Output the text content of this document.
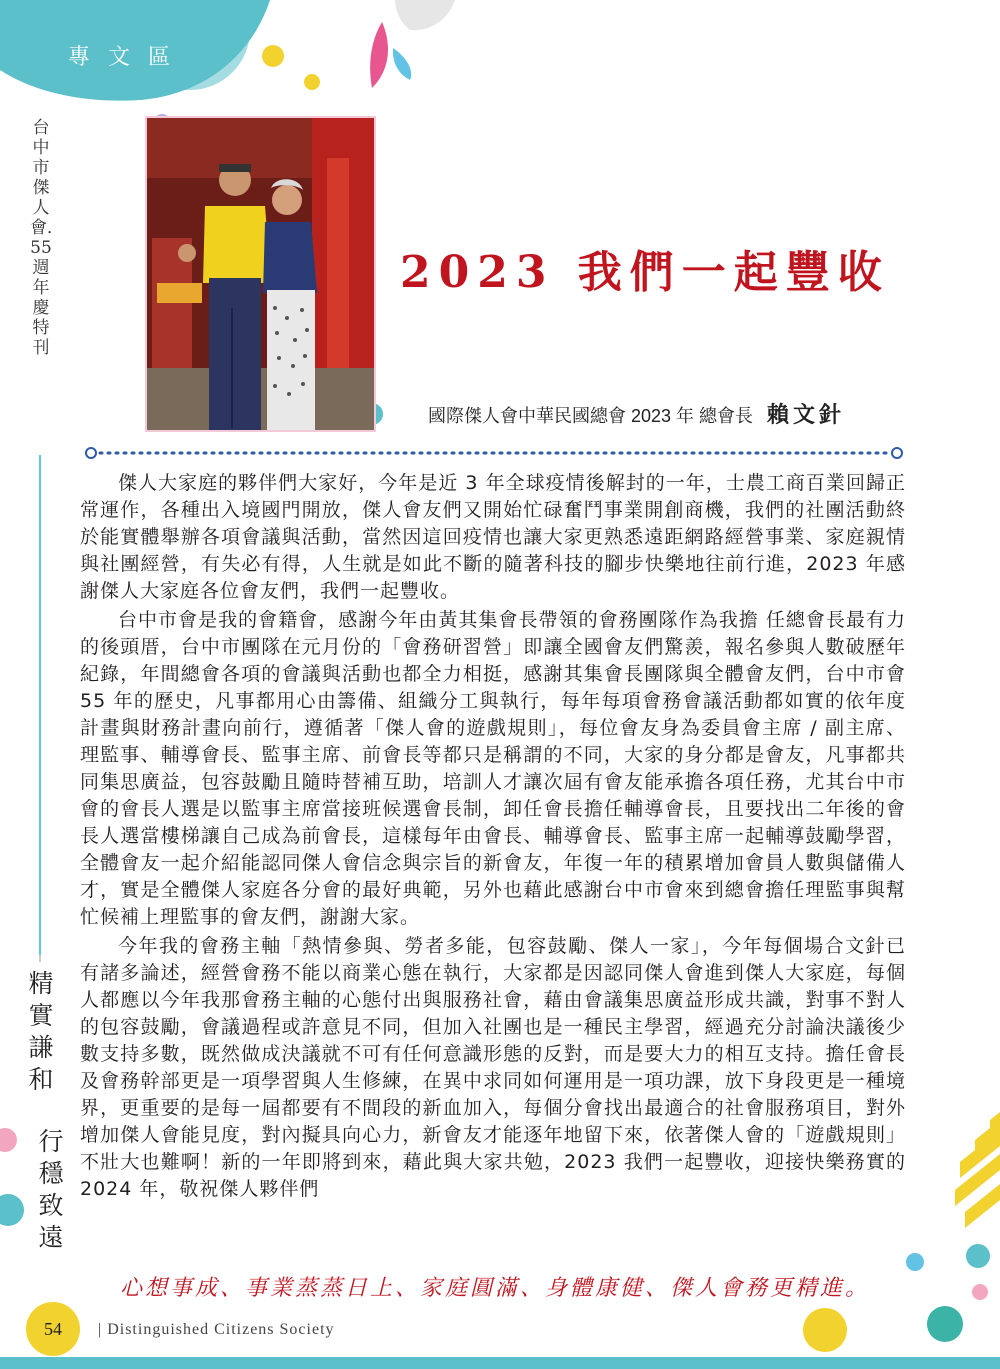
專文區
台中市傑人會．55週年慶特刊
精實謙和
行穩致遠
2023 我們一起豐收
國際傑人會中華民國總會 2023 年 總會長 賴文針

傑人大家庭的夥伴們大家好，今年是近 3 年全球疫情後解封的一年，士農工商百業回歸正常運作，各種出入境國門開放，傑人會友們又開始忙碌奮鬥事業開創商機，我們的社團活動終於能實體舉辦各項會議與活動，當然因這回疫情也讓大家更熟悉遠距網路經營事業、家庭親情與社團經營，有失必有得，人生就是如此不斷的隨著科技的腳步快樂地往前行進，2023 年感謝傑人大家庭各位會友們，我們一起豐收。

台中市會是我的會籍會，感謝今年由黃其集會長帶領的會務團隊作為我擔 任總會長最有力的後頭厝，台中市團隊在元月份的「會務研習營」即讓全國會友們驚羨，報名參與人數破歷年紀錄，年間總會各項的會議與活動也都全力相挺，感謝其集會長團隊與全體會友們，台中市會 55 年的歷史，凡事都用心由籌備、組織分工與執行，每年每項會務會議活動都如實的依年度計畫與財務計畫向前行，遵循著「傑人會的遊戲規則」，每位會友身為委員會主席 / 副主席、理監事、輔導會長、監事主席、前會長等都只是稱謂的不同，大家的身分都是會友，凡事都共同集思廣益，包容鼓勵且隨時替補互助，培訓人才讓次屆有會友能承擔各項任務，尤其台中市會的會長人選是以監事主席當接班候選會長制，卸任會長擔任輔導會長，且要找出二年後的會長人選當樓梯讓自己成為前會長，這樣每年由會長、輔導會長、監事主席一起輔導鼓勵學習，全體會友一起介紹能認同傑人會信念與宗旨的新會友，年復一年的積累增加會員人數與儲備人才，實是全體傑人家庭各分會的最好典範，另外也藉此感謝台中市會來到總會擔任理監事與幫忙候補上理監事的會友們，謝謝大家。

今年我的會務主軸「熱情參與、勞者多能，包容鼓勵、傑人一家」，今年每個場合文針已有諸多論述，經營會務不能以商業心態在執行，大家都是因認同傑人會進到傑人大家庭，每個人都應以今年我那會務主軸的心態付出與服務社會，藉由會議集思廣益形成共識，對事不對人的包容鼓勵，會議過程或許意見不同，但加入社團也是一種民主學習，經過充分討論決議後少數支持多數，既然做成決議就不可有任何意識形態的反對，而是要大力的相互支持。擔任會長及會務幹部更是一項學習與人生修練，在異中求同如何運用是一項功課，放下身段更是一種境界，更重要的是每一屆都要有不間段的新血加入，每個分會找出最適合的社會服務項目，對外增加傑人會能見度，對內擬具向心力，新會友才能逐年地留下來，依著傑人會的「遊戲規則」不壯大也難啊！新的一年即將到來，藉此與大家共勉，2023 我們一起豐收，迎接快樂務實的 2024 年，敬祝傑人夥伴們

心想事成、事業蒸蒸日上、家庭圓滿、身體康健、傑人會務更精進。
54	| Distinguished Citizens Society
